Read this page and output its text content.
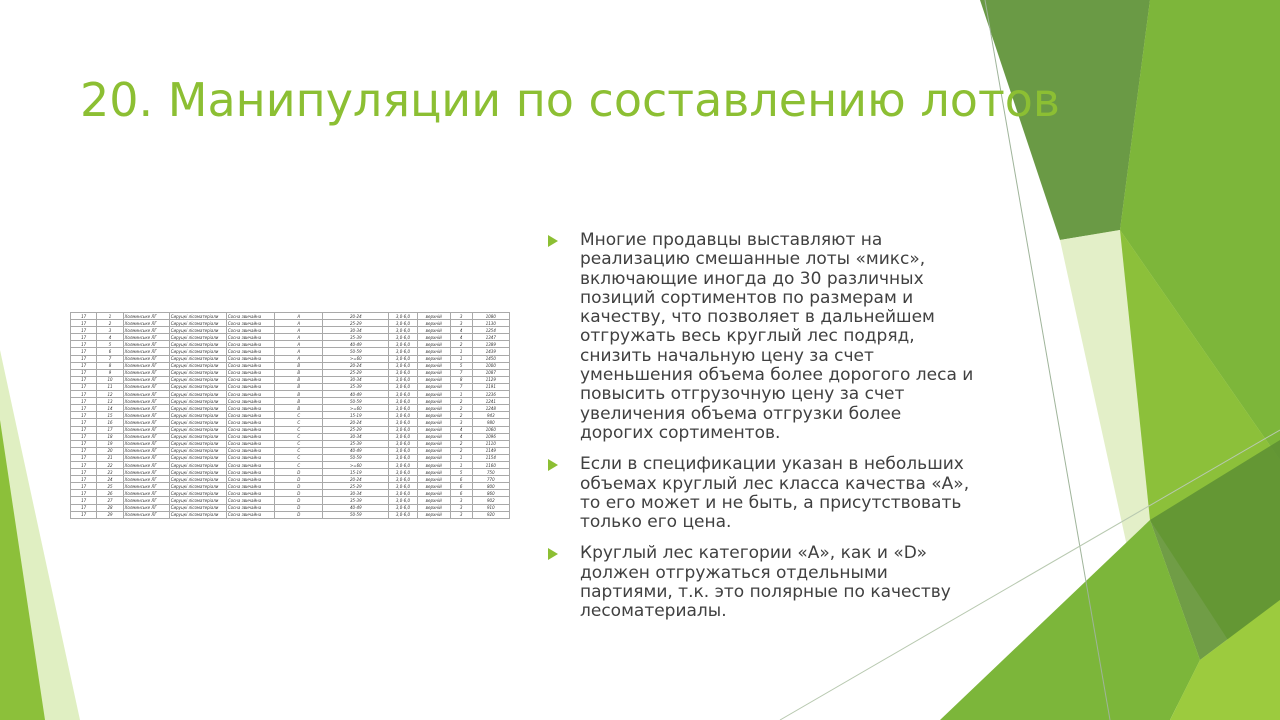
20. Манипуляции по составлению лотов
17	1	Холминське ЛГ	Сируцкі лісоматеріали	Сосна звичайна	A	20-24	3,0-6,0	верхній	3	1080
17	2	Холминське ЛГ	Сируцкі лісоматеріали	Сосна звичайна	A	25-29	3,0-6,0	верхній	3	1130
17	3	Холминське ЛГ	Сируцкі лісоматеріали	Сосна звичайна	A	30-34	3,0-6,0	верхній	4	1254
17	4	Холминське ЛГ	Сируцкі лісоматеріали	Сосна звичайна	A	35-39	3,0-6,0	верхній	4	1347
17	5	Холминське ЛГ	Сируцкі лісоматеріали	Сосна звичайна	A	40-49	3,0-6,0	верхній	2	1389
17	6	Холминське ЛГ	Сируцкі лісоматеріали	Сосна звичайна	A	50-59	3,0-6,0	верхній	1	1439
17	7	Холминське ЛГ	Сируцкі лісоматеріали	Сосна звичайна	A	>=60	3,0-6,0	верхній	1	1450
17	8	Холминське ЛГ	Сируцкі лісоматеріали	Сосна звичайна	B	20-24	3,0-6,0	верхній	5	1000
17	9	Холминське ЛГ	Сируцкі лісоматеріали	Сосна звичайна	B	25-29	3,0-6,0	верхній	7	1087
17	10	Холминське ЛГ	Сируцкі лісоматеріали	Сосна звичайна	B	30-34	3,0-6,0	верхній	8	1129
17	11	Холминське ЛГ	Сируцкі лісоматеріали	Сосна звичайна	B	35-39	3,0-6,0	верхній	7	1191
17	12	Холминське ЛГ	Сируцкі лісоматеріали	Сосна звичайна	B	40-49	3,0-6,0	верхній	1	1236
17	13	Холминське ЛГ	Сируцкі лісоматеріали	Сосна звичайна	B	50-59	3,0-6,0	верхній	2	1241
17	14	Холминське ЛГ	Сируцкі лісоматеріали	Сосна звичайна	B	>=60	3,0-6,0	верхній	2	1248
17	15	Холминське ЛГ	Сируцкі лісоматеріали	Сосна звичайна	C	15-19	3,0-6,0	верхній	2	943
17	16	Холминське ЛГ	Сируцкі лісоматеріали	Сосна звичайна	C	20-24	3,0-6,0	верхній	3	980
17	17	Холминське ЛГ	Сируцкі лісоматеріали	Сосна звичайна	C	25-29	3,0-6,0	верхній	4	1060
17	18	Холминське ЛГ	Сируцкі лісоматеріали	Сосна звичайна	C	30-34	3,0-6,0	верхній	4	1096
17	19	Холминське ЛГ	Сируцкі лісоматеріали	Сосна звичайна	C	35-39	3,0-6,0	верхній	2	1110
17	20	Холминське ЛГ	Сируцкі лісоматеріали	Сосна звичайна	C	40-49	3,0-6,0	верхній	2	1149
17	21	Холминське ЛГ	Сируцкі лісоматеріали	Сосна звичайна	C	50-59	3,0-6,0	верхній	1	1154
17	22	Холминське ЛГ	Сируцкі лісоматеріали	Сосна звичайна	C	>=60	3,0-6,0	верхній	1	1160
17	23	Холминське ЛГ	Сируцкі лісоматеріали	Сосна звичайна	D	15-19	3,0-6,0	верхній	5	750
17	24	Холминське ЛГ	Сируцкі лісоматеріали	Сосна звичайна	D	20-24	3,0-6,0	верхній	6	770
17	25	Холминське ЛГ	Сируцкі лісоматеріали	Сосна звичайна	D	25-29	3,0-6,0	верхній	6	800
17	26	Холминське ЛГ	Сируцкі лісоматеріали	Сосна звичайна	D	30-34	3,0-6,0	верхній	6	860
17	27	Холминське ЛГ	Сируцкі лісоматеріали	Сосна звичайна	D	35-39	3,0-6,0	верхній	3	902
17	28	Холминське ЛГ	Сируцкі лісоматеріали	Сосна звичайна	D	40-49	3,0-6,0	верхній	3	910
17	29	Холминське ЛГ	Сируцкі лісоматеріали	Сосна звичайна	D	50-59	3,0-6,0	верхній	3	920
Многие продавцы выставляют на реализацию смешанные лоты «микс», включающие иногда до 30 различных позиций сортиментов по размерам и качеству, что позволяет в дальнейшем отгружать весь круглый лес подряд, снизить начальную цену за счет уменьшения объема более дорогого леса и повысить отгрузочную цену за счет увеличения объема отгрузки более дорогих сортиментов.
Если в спецификации указан в небольших объемах круглый лес класса качества «А», то его может и не быть, а присутствовать только его цена.
Круглый лес категории «А», как и «D» должен отгружаться отдельными партиями, т.к. это полярные по качеству лесоматериалы.
